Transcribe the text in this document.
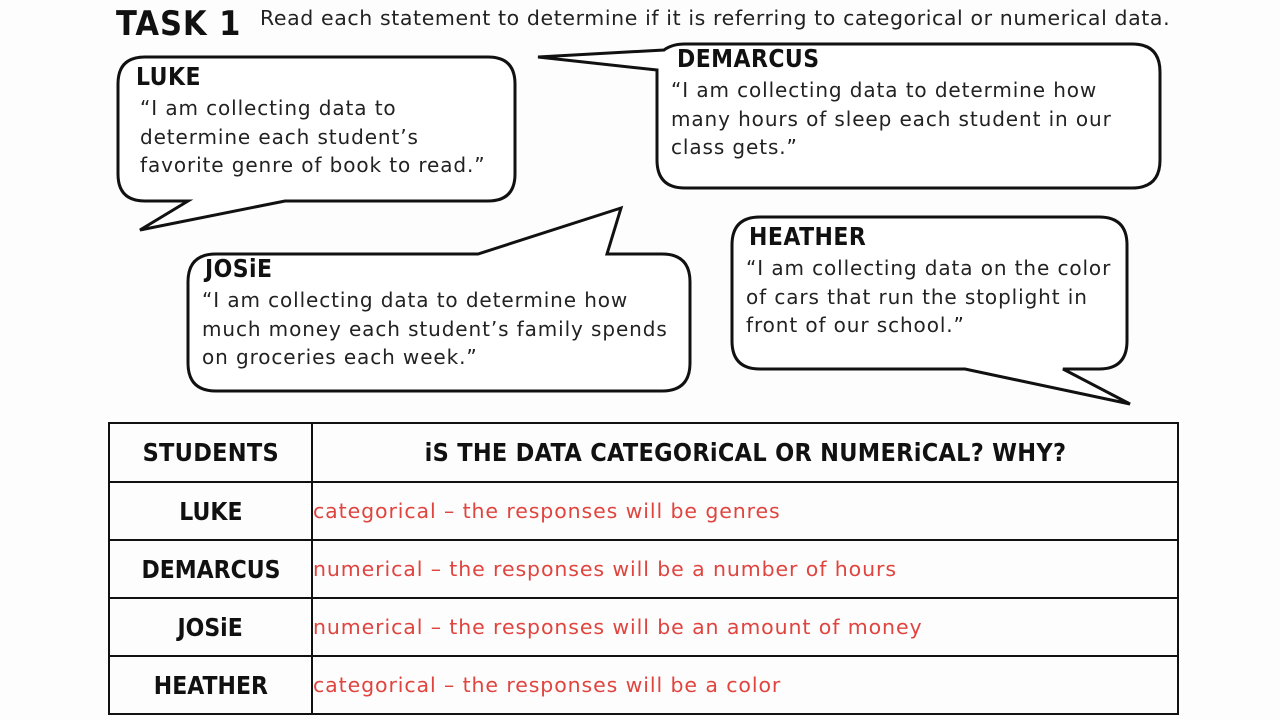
TASK 1 Read each statement to determine if it is referring to categorical or numerical data.
LUKE
“I am collecting data to
determine each student’s
favorite genre of book to read.”
DEMARCUS
“I am collecting data to determine how
many hours of sleep each student in our
class gets.”
JOSiE
“I am collecting data to determine how
much money each student’s family spends
on groceries each week.”
HEATHER
“I am collecting data on the color
of cars that run the stoplight in
front of our school.”
STUDENTS	iS THE DATA CATEGORiCAL OR NUMERiCAL? WHY?
LUKE	categorical – the responses will be genres
DEMARCUS	numerical – the responses will be a number of hours
JOSiE	numerical – the responses will be an amount of money
HEATHER	categorical – the responses will be a color
